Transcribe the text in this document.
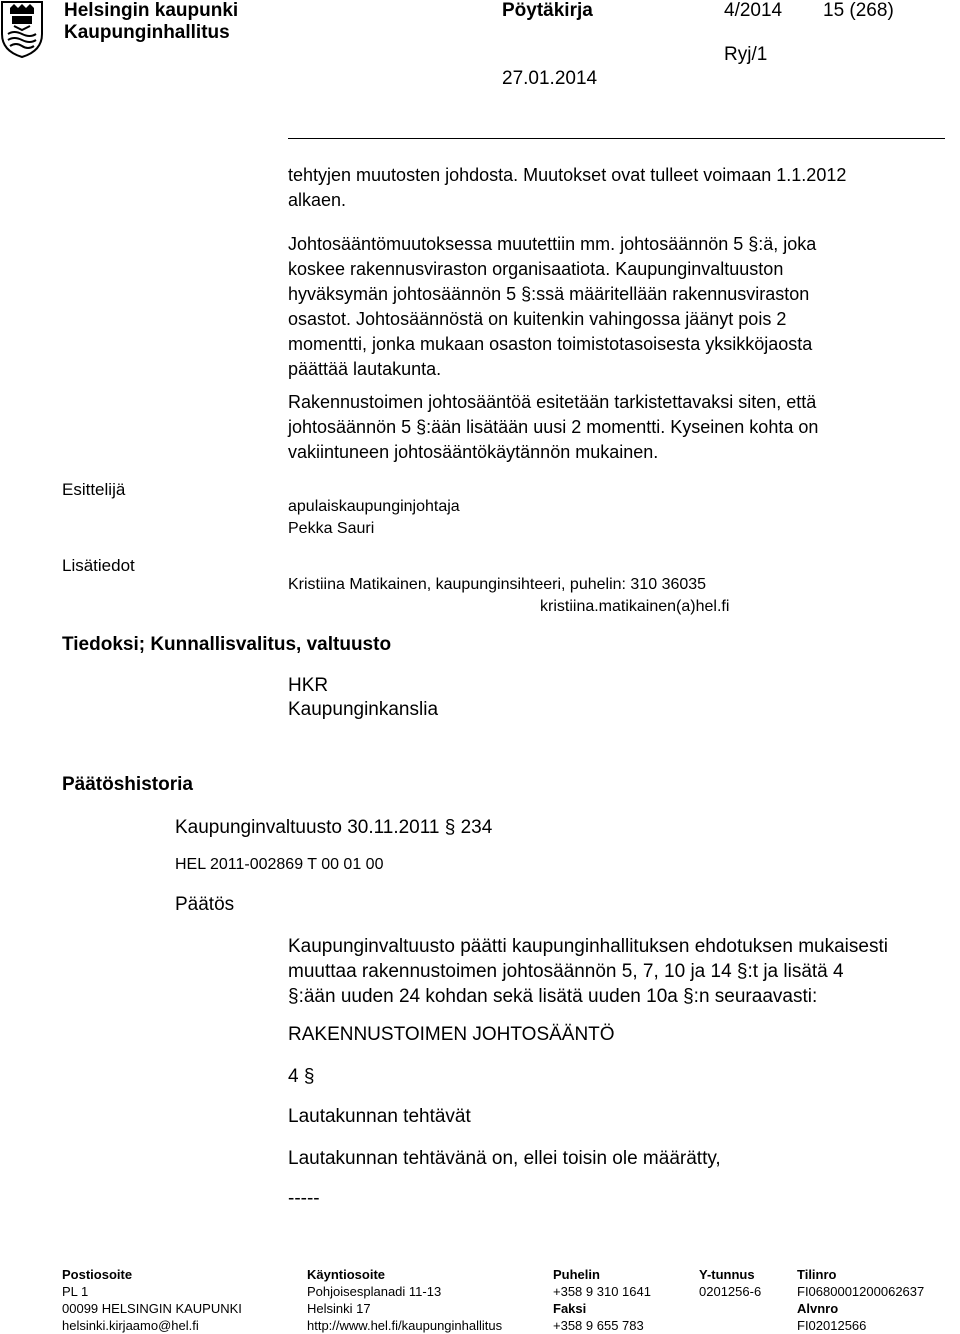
Helsingin kaupunki
Kaupunginhallitus
Pöytäkirja	4/2014 15 (268)
Ryj/1
27.01.2014

tehtyjen muutosten johdosta. Muutokset ovat tulleet voimaan 1.1.2012

alkaen.

Johtosääntömuutoksessa muutettiin mm. johtosäännön 5 §:ä, joka

koskee rakennusviraston organisaatiota. Kaupunginvaltuuston

hyväksymän johtosäännön 5 §:ssä määritellään rakennusviraston

osastot. Johtosäännöstä on kuitenkin vahingossa jäänyt pois 2

momentti, jonka mukaan osaston toimistotasoisesta yksikköjaosta

päättää lautakunta.

Rakennustoimen johtosääntöä esitetään tarkistettavaksi siten, että

johtosäännön 5 §:ään lisätään uusi 2 momentti. Kyseinen kohta on

vakiintuneen johtosääntökäytännön mukainen.

Esittelijä
apulaiskaupunginjohtaja
Pekka Sauri
Lisätiedot
Kristiina Matikainen, kaupunginsihteeri, puhelin: 310 36035
kristiina.matikainen(a)hel.fi
Tiedoksi; Kunnallisvalitus, valtuusto
HKR
Kaupunginkanslia
Päätöshistoria
Kaupunginvaltuusto 30.11.2011 § 234
HEL 2011-002869 T 00 01 00
Päätös

Kaupunginvaltuusto päätti kaupunginhallituksen ehdotuksen mukaisesti

muuttaa rakennustoimen johtosäännön 5, 7, 10 ja 14 §:t ja lisätä 4

§:ään uuden 24 kohdan sekä lisätä uuden 10a §:n seuraavasti:

RAKENNUSTOIMEN JOHTOSÄÄNTÖ
4 §
Lautakunnan tehtävät
Lautakunnan tehtävänä on, ellei toisin ole määrätty,
-----
Postiosoite
PL 1
00099 HELSINGIN KAUPUNKI
helsinki.kirjaamo@hel.fi
Käyntiosoite
Pohjoisesplanadi 11-13
Helsinki 17
http://www.hel.fi/kaupunginhallitus
Puhelin
+358 9 310 1641
Faksi
+358 9 655 783
Y-tunnus
0201256-6
Tilinro
FI0680001200062637
Alvnro
FI02012566
